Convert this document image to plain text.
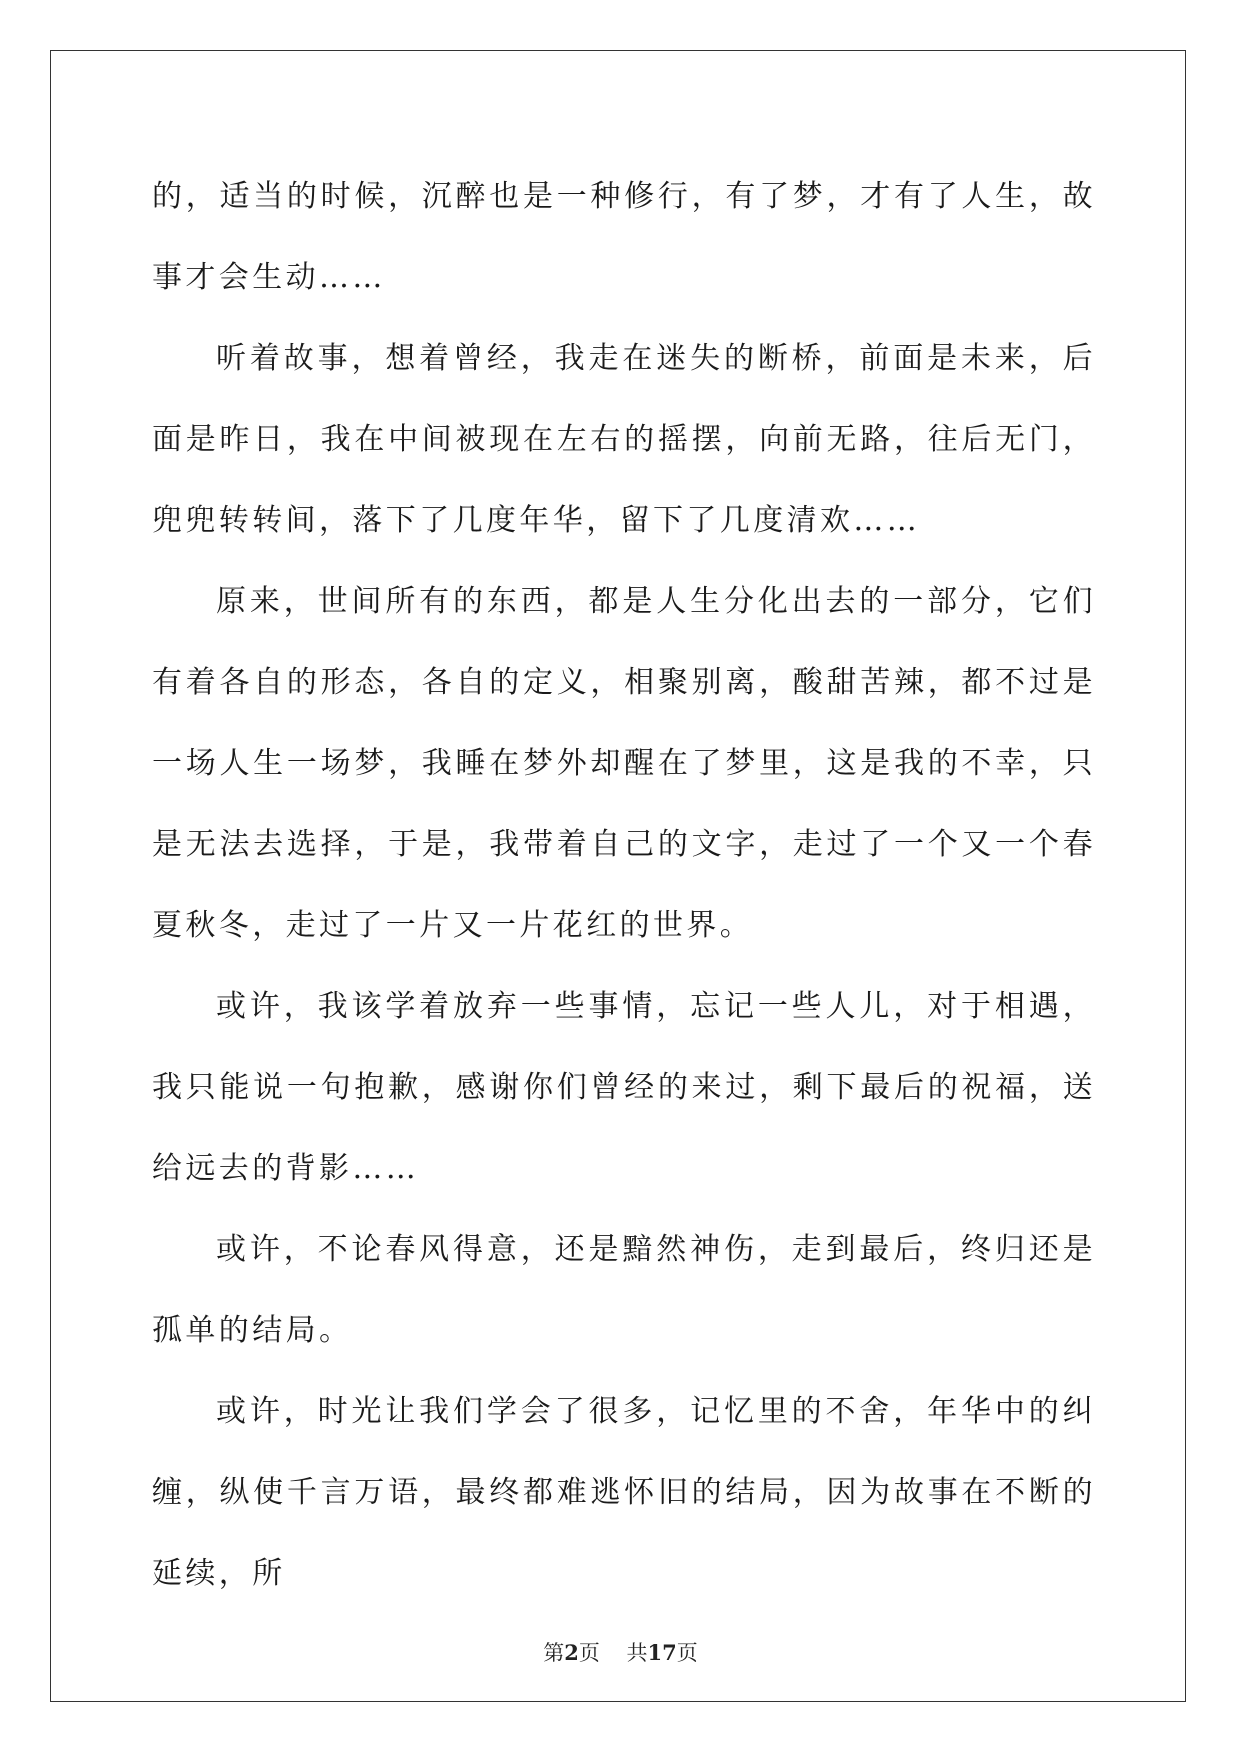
的，适当的时候，沉醉也是一种修行，有了梦，才有了人生，故事才会生动……

听着故事，想着曾经，我走在迷失的断桥，前面是未来，后面是昨日，我在中间被现在左右的摇摆，向前无路，往后无门，兜兜转转间，落下了几度年华，留下了几度清欢……

原来，世间所有的东西，都是人生分化出去的一部分，它们有着各自的形态，各自的定义，相聚别离，酸甜苦辣，都不过是一场人生一场梦，我睡在梦外却醒在了梦里，这是我的不幸，只是无法去选择，于是，我带着自己的文字，走过了一个又一个春夏秋冬，走过了一片又一片花红的世界。

或许，我该学着放弃一些事情，忘记一些人儿，对于相遇，我只能说一句抱歉，感谢你们曾经的来过，剩下最后的祝福，送给远去的背影……

或许，不论春风得意，还是黯然神伤，走到最后，终归还是孤单的结局。

或许，时光让我们学会了很多，记忆里的不舍，年华中的纠缠，纵使千言万语，最终都难逃怀旧的结局，因为故事在不断的延续，所

第2页 共17页
